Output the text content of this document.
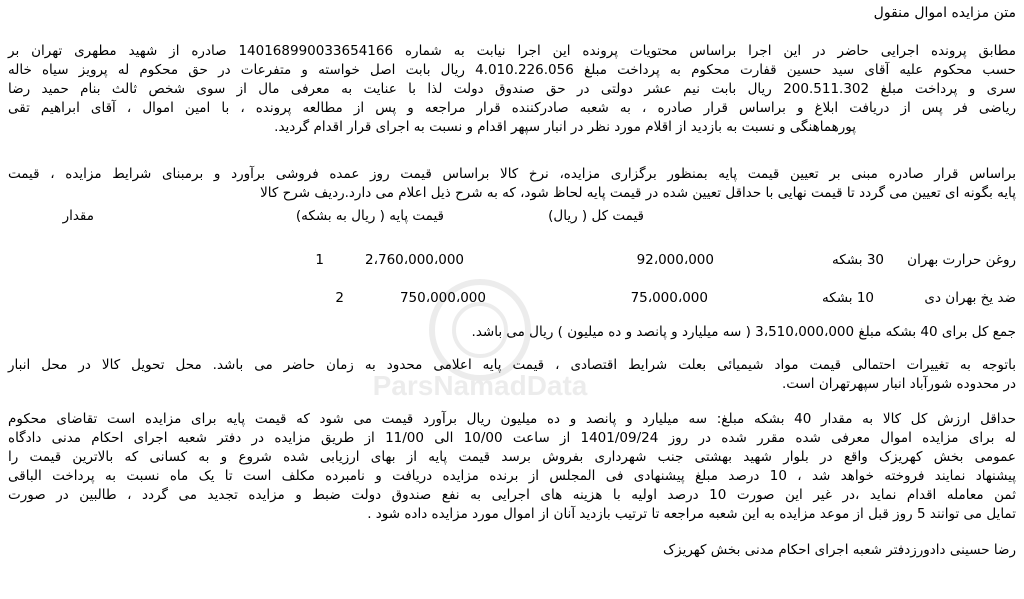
ParsNamadData
متن مزایده اموال منقول
مطابق پرونده اجرایی حاضر در این اجرا براساس محتویات پرونده این اجرا نیابت به شماره 140168990033654166 صادره از شهید مطهری تهران بر
حسب محکوم علیه آقای سید حسین قفارت محکوم به پرداخت مبلغ 4.010.226.056 ریال بابت اصل خواسته و متفرعات در حق محکوم له پرویز سیاه خاله
سری و پرداخت مبلغ 200.511.302 ریال بابت نیم عشر دولتی در حق صندوق دولت لذا با عنایت به معرفی مال از سوی شخص ثالث بنام حمید رضا
ریاضی فر پس از دریافت ابلاغ و براساس قرار صادره ، به شعبه صادرکننده قرار مراجعه و پس از مطالعه پرونده ، با امین اموال ، آقای ابراهیم تقی
پورهماهنگی و نسبت به بازدید از اقلام مورد نظر در انبار سپهر اقدام و نسبت به اجرای قرار اقدام گردید.
براساس قرار صادره مبنی بر تعیین قیمت پایه بمنظور برگزاری مزایده، نرخ کالا براساس قیمت روز عمده فروشی برآورد و برمبنای شرایط مزایده ، قیمت
پایه بگونه ای تعیین می گردد تا قیمت نهایی با حداقل تعیین شده در قیمت پایه لحاظ شود، که به شرح ذیل اعلام می دارد.ردیف شرح کالا
مقدار	قیمت پایه ( ریال به بشکه)	قیمت کل ( ریال)
روغن حرارت بهران
30 بشکه
92،000،000
2،760،000،000
1
ضد یخ بهران دی
10 بشکه
75،000،000
750،000،000
2
جمع کل برای 40 بشکه مبلغ 3،510،000،000 ( سه میلیارد و پانصد و ده میلیون ) ریال می باشد.
باتوجه به تغییرات احتمالی قیمت مواد شیمیائی بعلت شرایط اقتصادی ، قیمت پایه اعلامی محدود به زمان حاضر می باشد. محل تحویل کالا در محل انبار
در محدوده شورآباد انبار سپهرتهران است.
حداقل ارزش کل کالا به مقدار 40 بشکه مبلغ: سه میلیارد و پانصد و ده میلیون ریال برآورد قیمت می شود که قیمت پایه برای مزایده است تقاضای محکوم
له برای مزایده اموال معرفی شده مقرر شده در روز 1401/09/24 از ساعت 10/00 الی 11/00 از طریق مزایده در دفتر شعبه اجرای احکام مدنی دادگاه
عمومی بخش کهریزک واقع در بلوار شهید بهشتی جنب شهرداری بفروش برسد قیمت پایه از بهای ارزیابی شده شروع و به کسانی که بالاترین قیمت را
پیشنهاد نمایند فروخته خواهد شد ، 10 درصد مبلغ پیشنهادی فی المجلس از برنده مزایده دریافت و نامبرده مکلف است تا یک ماه نسبت به پرداخت الباقی
ثمن معامله اقدام نماید ،در غیر این صورت 10 درصد اولیه با هزینه های اجرایی به نفع صندوق دولت ضبط و مزایده تجدید می گردد ، طالبین در صورت
تمایل می توانند 5 روز قبل از موعد مزایده به این شعبه مراجعه تا ترتیب بازدید آنان از اموال مورد مزایده داده شود .
رضا حسینی دادورزدفتر شعبه اجرای احکام مدنی بخش کهریزک
